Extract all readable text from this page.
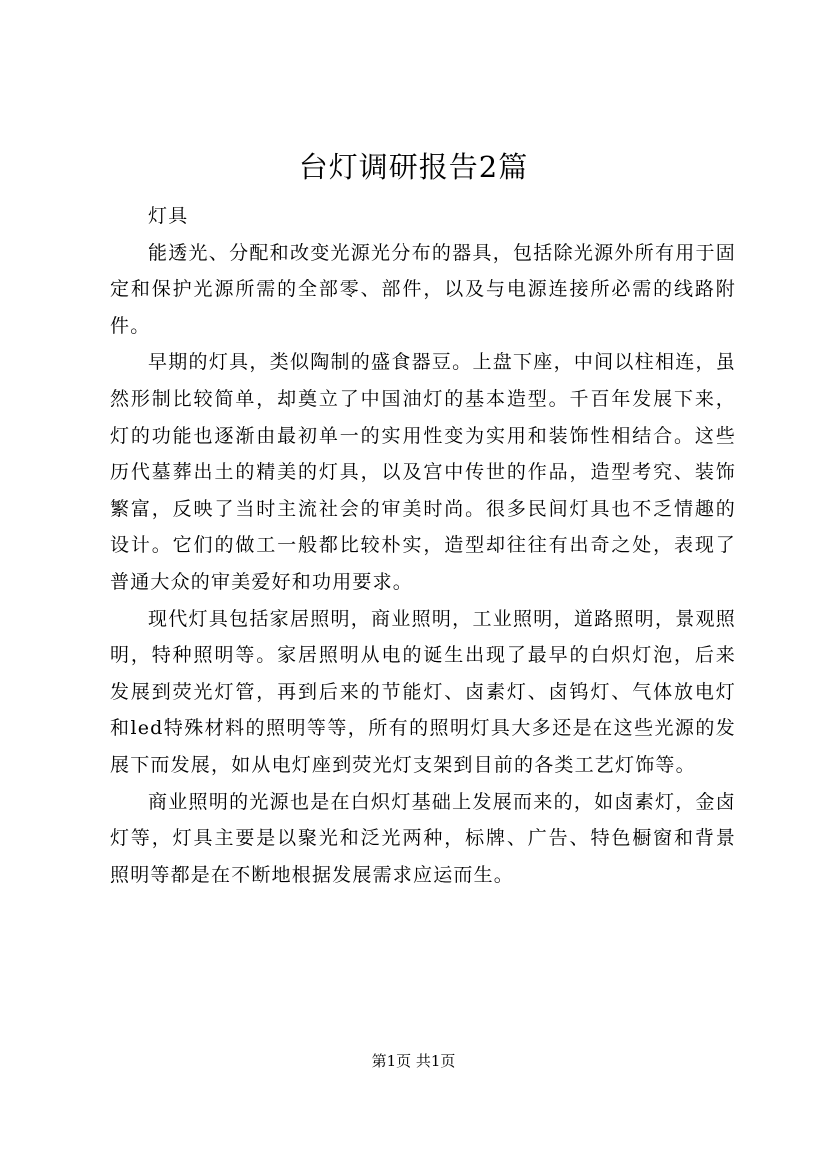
台灯调研报告2篇

灯具

能透光、分配和改变光源光分布的器具，包括除光源外所有用于固定和保护光源所需的全部零、部件，以及与电源连接所必需的线路附件。

早期的灯具，类似陶制的盛食器豆。上盘下座，中间以柱相连，虽然形制比较简单，却奠立了中国油灯的基本造型。千百年发展下来，灯的功能也逐渐由最初单一的实用性变为实用和装饰性相结合。这些历代墓葬出土的精美的灯具，以及宫中传世的作品，造型考究、装饰繁富，反映了当时主流社会的审美时尚。很多民间灯具也不乏情趣的设计。它们的做工一般都比较朴实，造型却往往有出奇之处，表现了普通大众的审美爱好和功用要求。

现代灯具包括家居照明，商业照明，工业照明，道路照明，景观照明，特种照明等。家居照明从电的诞生出现了最早的白炽灯泡，后来发展到荧光灯管，再到后来的节能灯、卤素灯、卤钨灯、气体放电灯和led特殊材料的照明等等，所有的照明灯具大多还是在这些光源的发展下而发展，如从电灯座到荧光灯支架到目前的各类工艺灯饰等。

商业照明的光源也是在白炽灯基础上发展而来的，如卤素灯，金卤灯等，灯具主要是以聚光和泛光两种，标牌、广告、特色橱窗和背景照明等都是在不断地根据发展需求应运而生。

第1页 共1页
